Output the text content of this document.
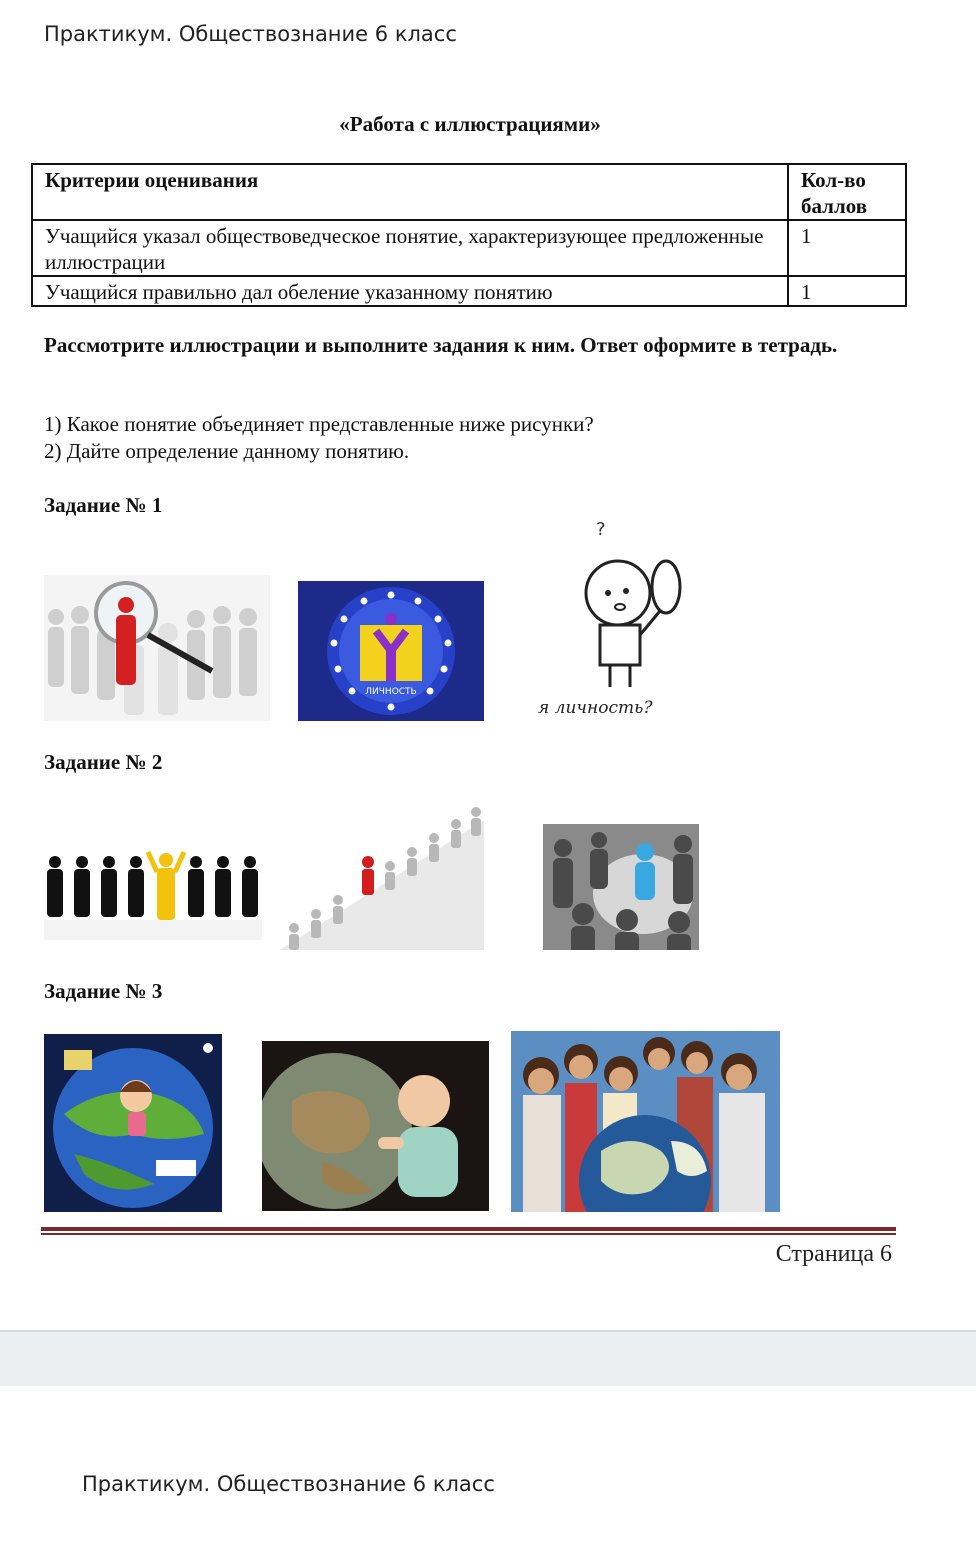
Практикум. Обществознание 6 класс
«Работа с иллюстрациями»
Критерии оценивания	Кол-во баллов
Учащийся указал обществоведческое понятие, характеризующее предложенные иллюстрации	1
Учащийся правильно дал обеление указанному понятию	1
Рассмотрите иллюстрации и выполните задания к ним. Ответ оформите в тетрадь.
1) Какое понятие объединяет представленные ниже рисунки?
2) Дайте определение данному понятию.
Задание № 1
ЛИЧНОСТЬ
?
я личность?
Задание № 2
Задание № 3
Страница 6
Практикум. Обществознание 6 класс
